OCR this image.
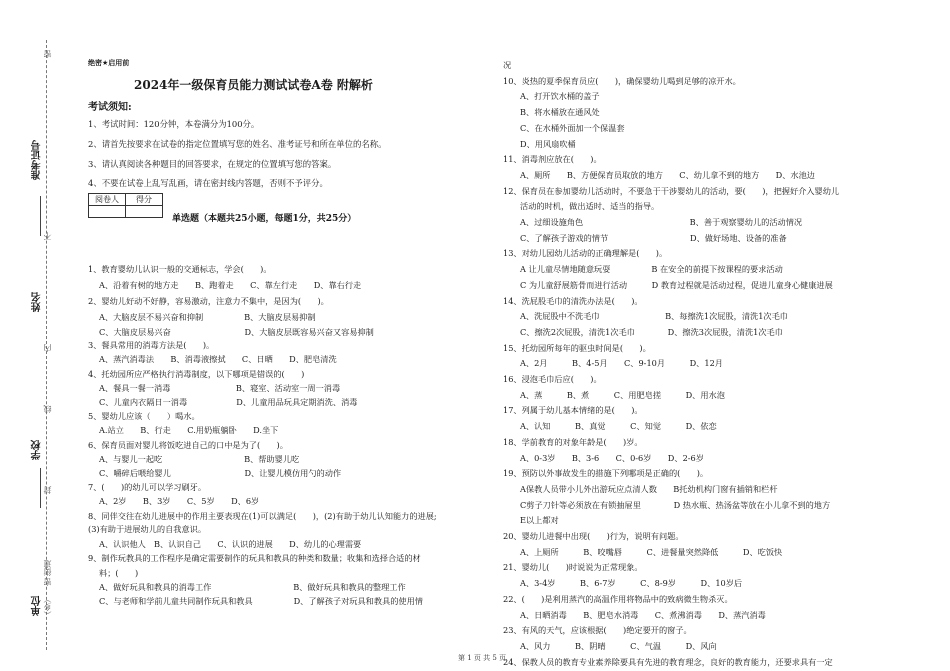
密
准考证号
不
姓名
内
线
学校
封
街道
密
（乡）
单位
绝密★启用前
2024年一级保育员能力测试试卷A卷 附解析
考试须知:
1、考试时间：120分钟，本卷满分为100分。
2、请首先按要求在试卷的指定位置填写您的姓名、准考证号和所在单位的名称。
3、请认真阅读各种题目的回答要求，在规定的位置填写您的答案。
4、不要在试卷上乱写乱画，请在密封线内答题，否则不予评分。
阅卷人	得分

单选题（本题共25小题，每题1分，共25分）
1、教育婴幼儿认识一般的交通标志，学会(　　)。
A、沿着有树的地方走　　B、跑着走　　C、靠左行走　　D、靠右行走
2、婴幼儿好动不好静，容易激动，注意力不集中，是因为(　　)。
A、大脑皮层不易兴奋和抑制　　　　　B、大脑皮层易抑制
C、大脑皮层易兴奋　　　　　　　　　D、大脑皮层既容易兴奋又容易抑制
3、餐具常用的消毒方法是(　　)。
A、蒸汽消毒法　　B、消毒液擦拭　　C、日晒　　D、肥皂清洗
4、托幼园所应严格执行消毒制度，以下哪项是错误的(　　)
A、餐具一餐一消毒　　　　　　　　B、寝室、活动室一周一消毒
C、儿童内衣隔日一消毒　　　　　　D、儿童用品玩具定期消洗、消毒
5、婴幼儿应该（　　）喝水。
A.站立　　B、行走　　C.用奶瓶躺卧　　D.坐下
6、保育员面对婴儿将饭吃进自己的口中是为了(　　)。
A、与婴儿一起吃　　　　　　　　　　B、帮助婴儿吃
C、嚼碎后喂给婴儿　　　　　　　　　D、让婴儿模仿用勺的动作
7、(　　)的幼儿可以学习刷牙。
A、2岁　　B、3岁　　C、5岁　　D、6岁
8、同伴交往在幼儿进展中的作用主要表现在(1)可以满足(　　)，(2)有助于幼儿认知能力的进展;
(3)有助于进展幼儿的自我意识。
A、认识他人　B、认识自己　　C、认识的进展　　D、幼儿的心理需要
9、制作玩教具的工作程序是确定需要制作的玩具和教具的种类和数量；收集和选择合适的材
料；(　　)
A、做好玩具和教具的消毒工作　　　　　　　　　　B、做好玩具和教具的整理工作
C、与老师和学前儿童共同制作玩具和教具　　　　　D、了解孩子对玩具和教具的使用情
况
10、炎热的夏季保育员应(　　)，确保婴幼儿喝到足够的凉开水。
A、打开饮水桶的盖子
B、将水桶放在通风处
C、在水桶外面加一个保温套
D、用风扇吹桶
11、消毒剂应放在(　　)。
A、厕所　　B、方便保育员取放的地方　　C、幼儿拿不到的地方　　D、水池边
12、保育员在参加婴幼儿活动时，不要急于干涉婴幼儿的活动，要(　　)，把握好介入婴幼儿
活动的时机，做出适时、适当的指导。
A、过细设施角色　　　　　　　　　　　　　B、善于观察婴幼儿的活动情况
C、了解孩子游戏的情节　　　　　　　　　　D、做好场地、设备的准备
13、对幼儿园幼儿活动的正确理解是(　　)。
A 让儿童尽情地随意玩耍　　　　　B 在安全的前提下按课程的要求活动
C 为儿童舒展筋骨而进行活动　　　D 教育过程就是活动过程，促进儿童身心健康进展
14、洗屁股毛巾的清洗办法是(　　)。
A、洗屁股中不洗毛巾　　　　　　　　B、每擦洗1次屁股，清洗1次毛巾
C、擦洗2次屁股，清洗1次毛巾　　　　D、擦洗3次屁股，清洗1次毛巾
15、托幼园所每年的驱虫时间是(　　)。
A、2月　　　B、4-5月　　C、9-10月　　　D、12月
16、浸泡毛巾后应(　　)。
A、蒸　　　B、煮　　　C、用肥皂搓　　　D、用水泡
17、列属于幼儿基本情绪的是(　　)。
A、认知　　　B、真觉　　　C、知觉　　　D、依恋
18、学前教育的对象年龄是(　　)岁。
A、0-3岁　　B、3-6　　C、0-6岁　　D、2-6岁
19、预防以外事故发生的措施下列哪项是正确的(　　)。
A保教人员带小儿外出游玩应点清人数　　B托幼机构门窗有插销和栏杆
C剪子刀针等必须放在有锁抽屉里　　　　D 热水瓶、热汤盆等放在小儿拿不到的地方
E以上都对
20、婴幼儿进餐中出现(　　)行为，说明有问题。
A、上厕所　　　B、咬嘴唇　　　C、进餐量突然降低　　　D、吃饭快
21、婴幼儿(　　)时说说为正常现象。
A、3-4岁　　　B、6-7岁　　　C、8-9岁　　　D、10岁后
22、(　　)是利用蒸汽的高温作用将物品中的致病微生物杀灭。
A、日晒消毒　　B、肥皂水消毒　　C、煮沸消毒　　D、蒸汽消毒
23、有风的天气，应该根据(　　)绝定要开的窗子。
A、风力　　　B、阴晴　　　C、气温　　　D、风向
24、保教人员的教育专业素养除要具有先进的教育理念，良好的教育能力，还要求具有一定
第 1 页 共 5 页
